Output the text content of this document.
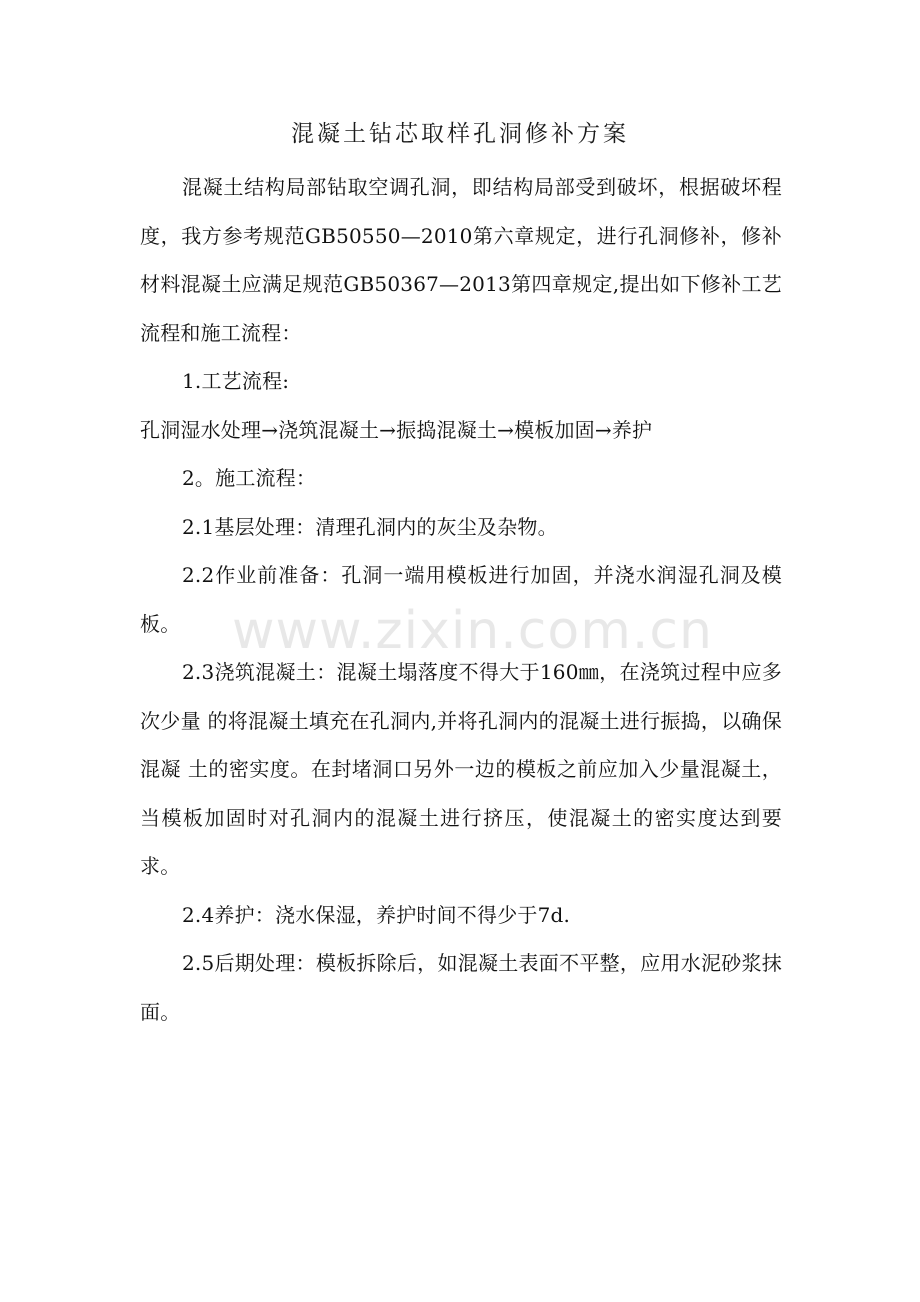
混凝土钻芯取样孔洞修补方案

混凝土结构局部钻取空调孔洞，即结构局部受到破坏，根据破坏程度，我方参考规范GB50550—2010第六章规定，进行孔洞修补，修补材料混凝土应满足规范GB50367—2013第四章规定,提出如下修补工艺流程和施工流程：

1.工艺流程:

孔洞湿水处理→浇筑混凝土→振捣混凝土→模板加固→养护

2。施工流程：

2.1基层处理：清理孔洞内的灰尘及杂物。

2.2作业前准备：孔洞一端用模板进行加固，并浇水润湿孔洞及模板。

2.3浇筑混凝土：混凝土塌落度不得大于160㎜，在浇筑过程中应多次少量 的将混凝土填充在孔洞内,并将孔洞内的混凝土进行振捣，以确保混凝 土的密实度。在封堵洞口另外一边的模板之前应加入少量混凝土，当模板加固时对孔洞内的混凝土进行挤压，使混凝土的密实度达到要求。

2.4养护：浇水保湿，养护时间不得少于7d.

2.5后期处理：模板拆除后，如混凝土表面不平整，应用水泥砂浆抹面。

www.zixin.com.cn
